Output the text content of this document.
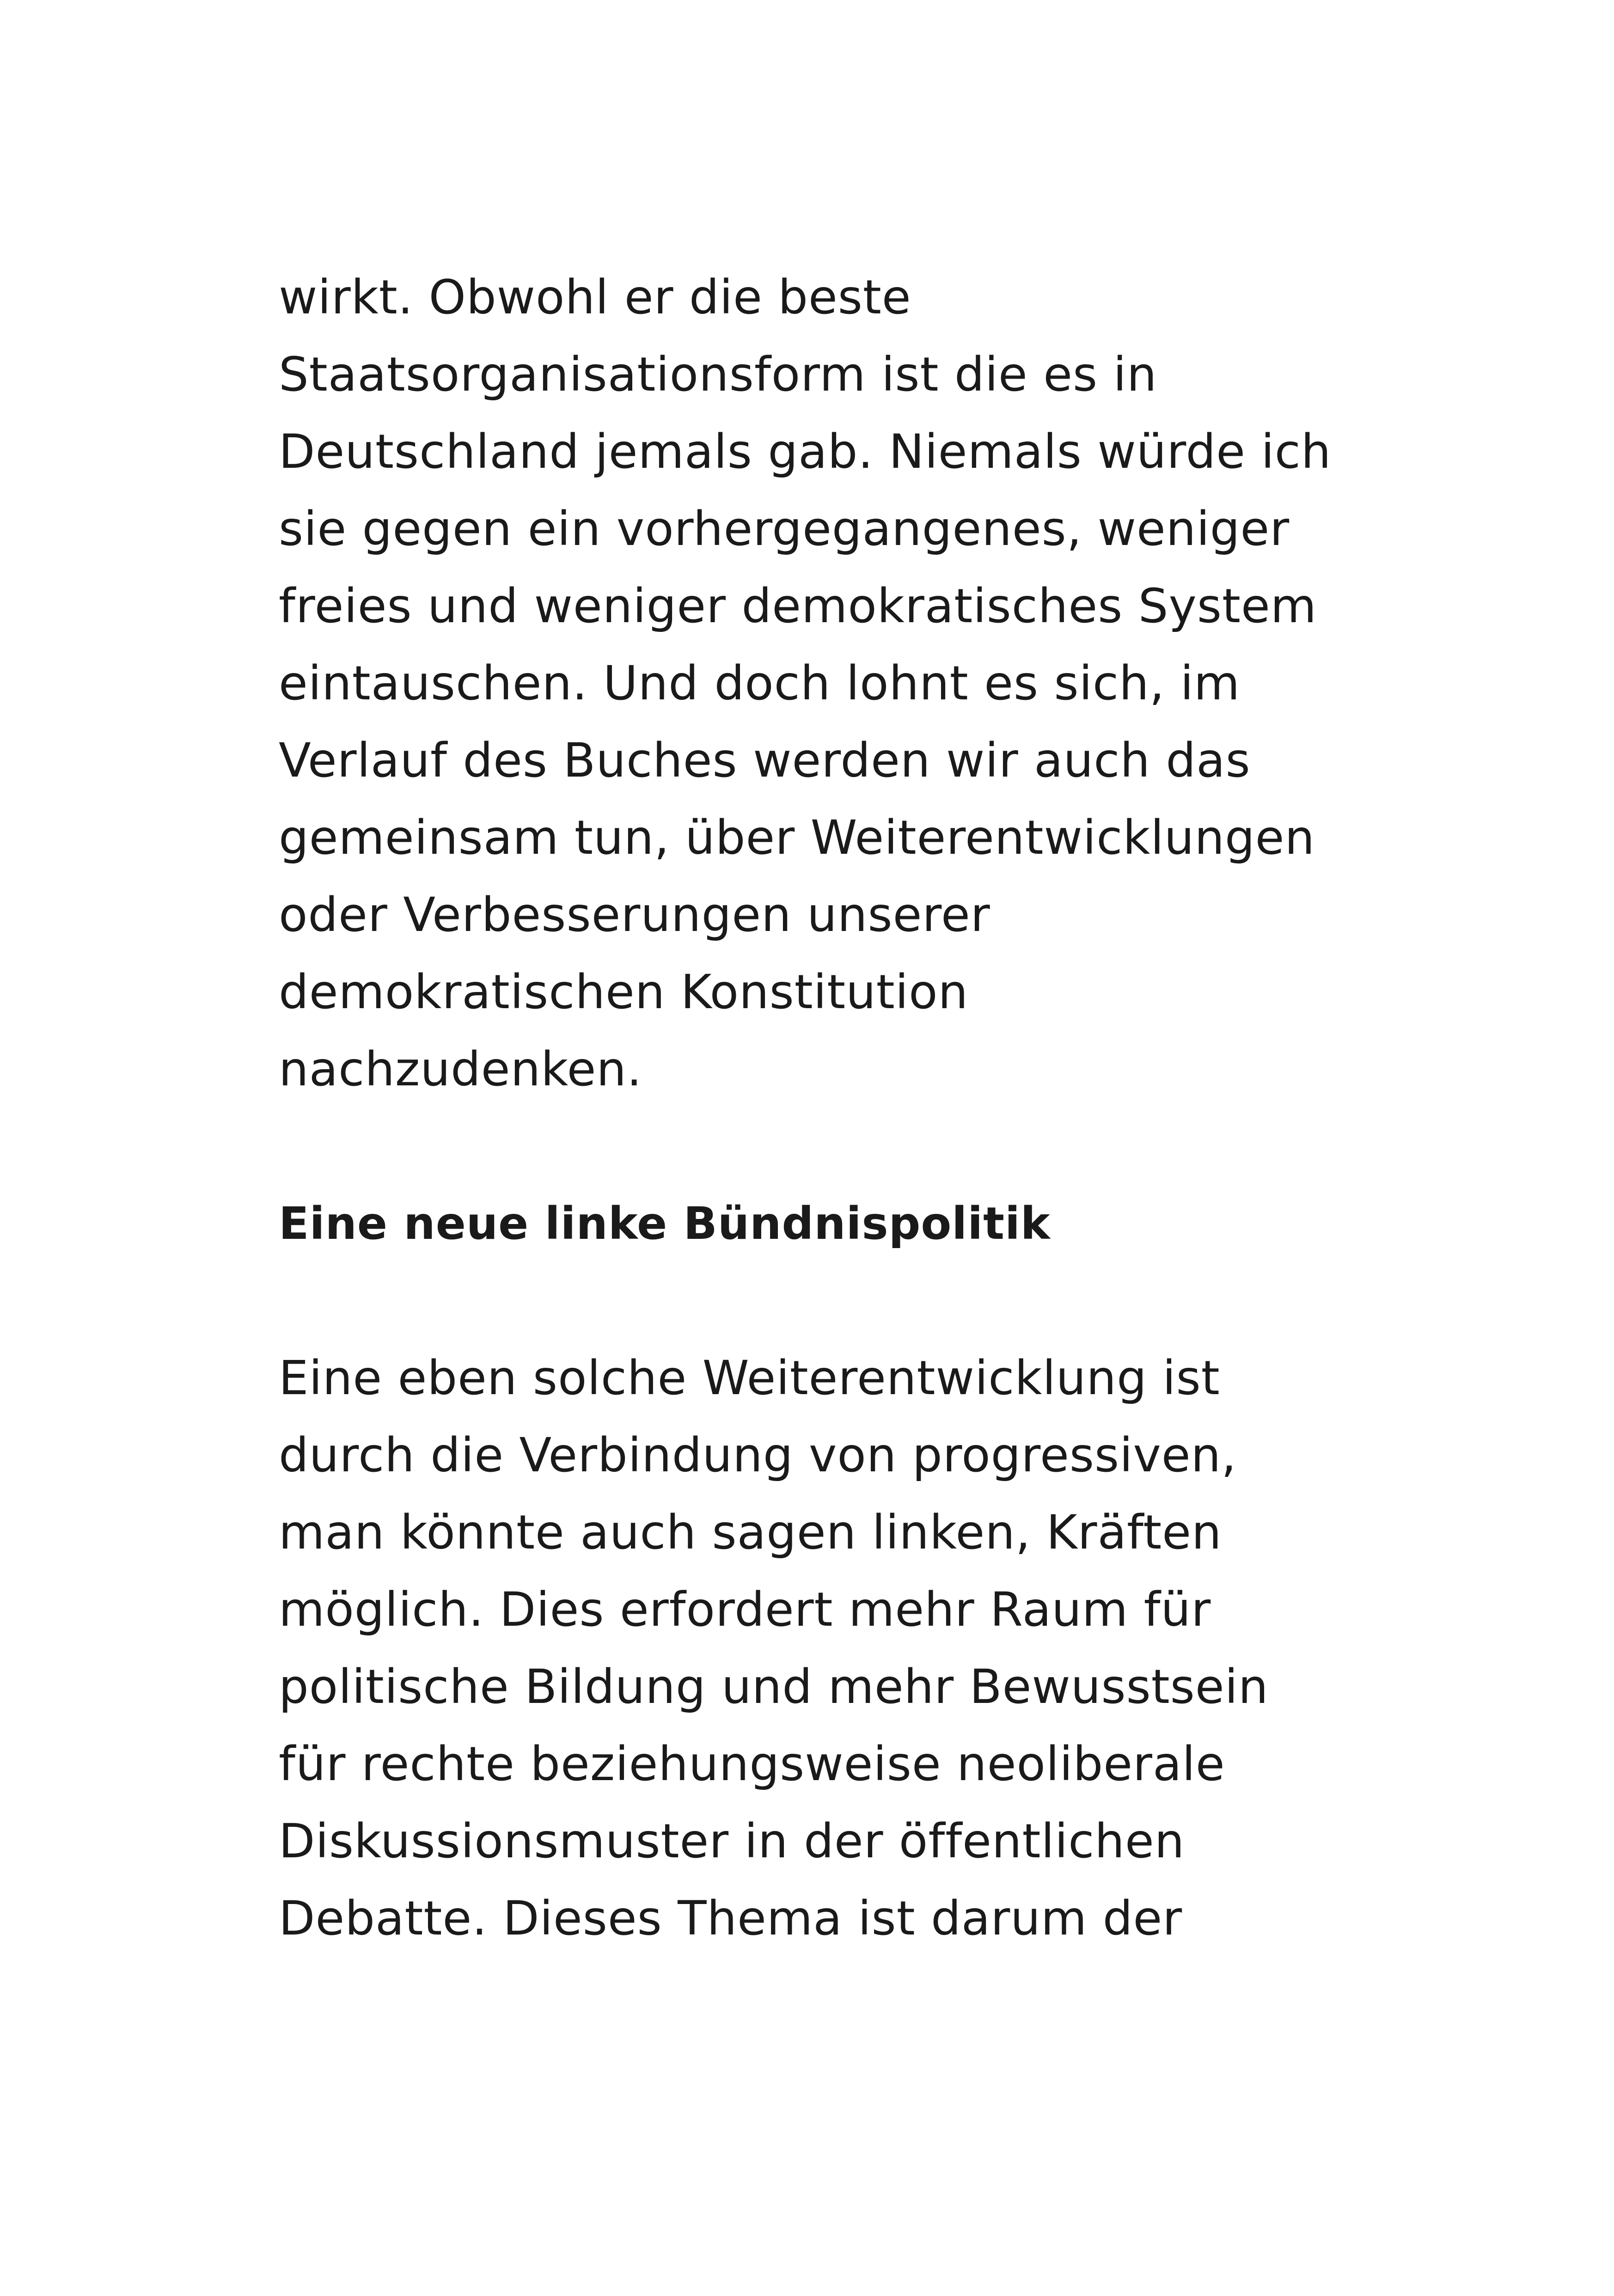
wirkt. Obwohl er die beste
Staatsorganisationsform ist die es in
Deutschland jemals gab. Niemals würde ich
sie gegen ein vorhergegangenes, weniger
freies und weniger demokratisches System
eintauschen. Und doch lohnt es sich, im
Verlauf des Buches werden wir auch das
gemeinsam tun, über Weiterentwicklungen
oder Verbesserungen unserer
demokratischen Konstitution
nachzudenken.

Eine neue linke Bündnispolitik

Eine eben solche Weiterentwicklung ist
durch die Verbindung von progressiven,
man könnte auch sagen linken, Kräften
möglich. Dies erfordert mehr Raum für
politische Bildung und mehr Bewusstsein
für rechte beziehungsweise neoliberale
Diskussionsmuster in der öffentlichen
Debatte. Dieses Thema ist darum der
